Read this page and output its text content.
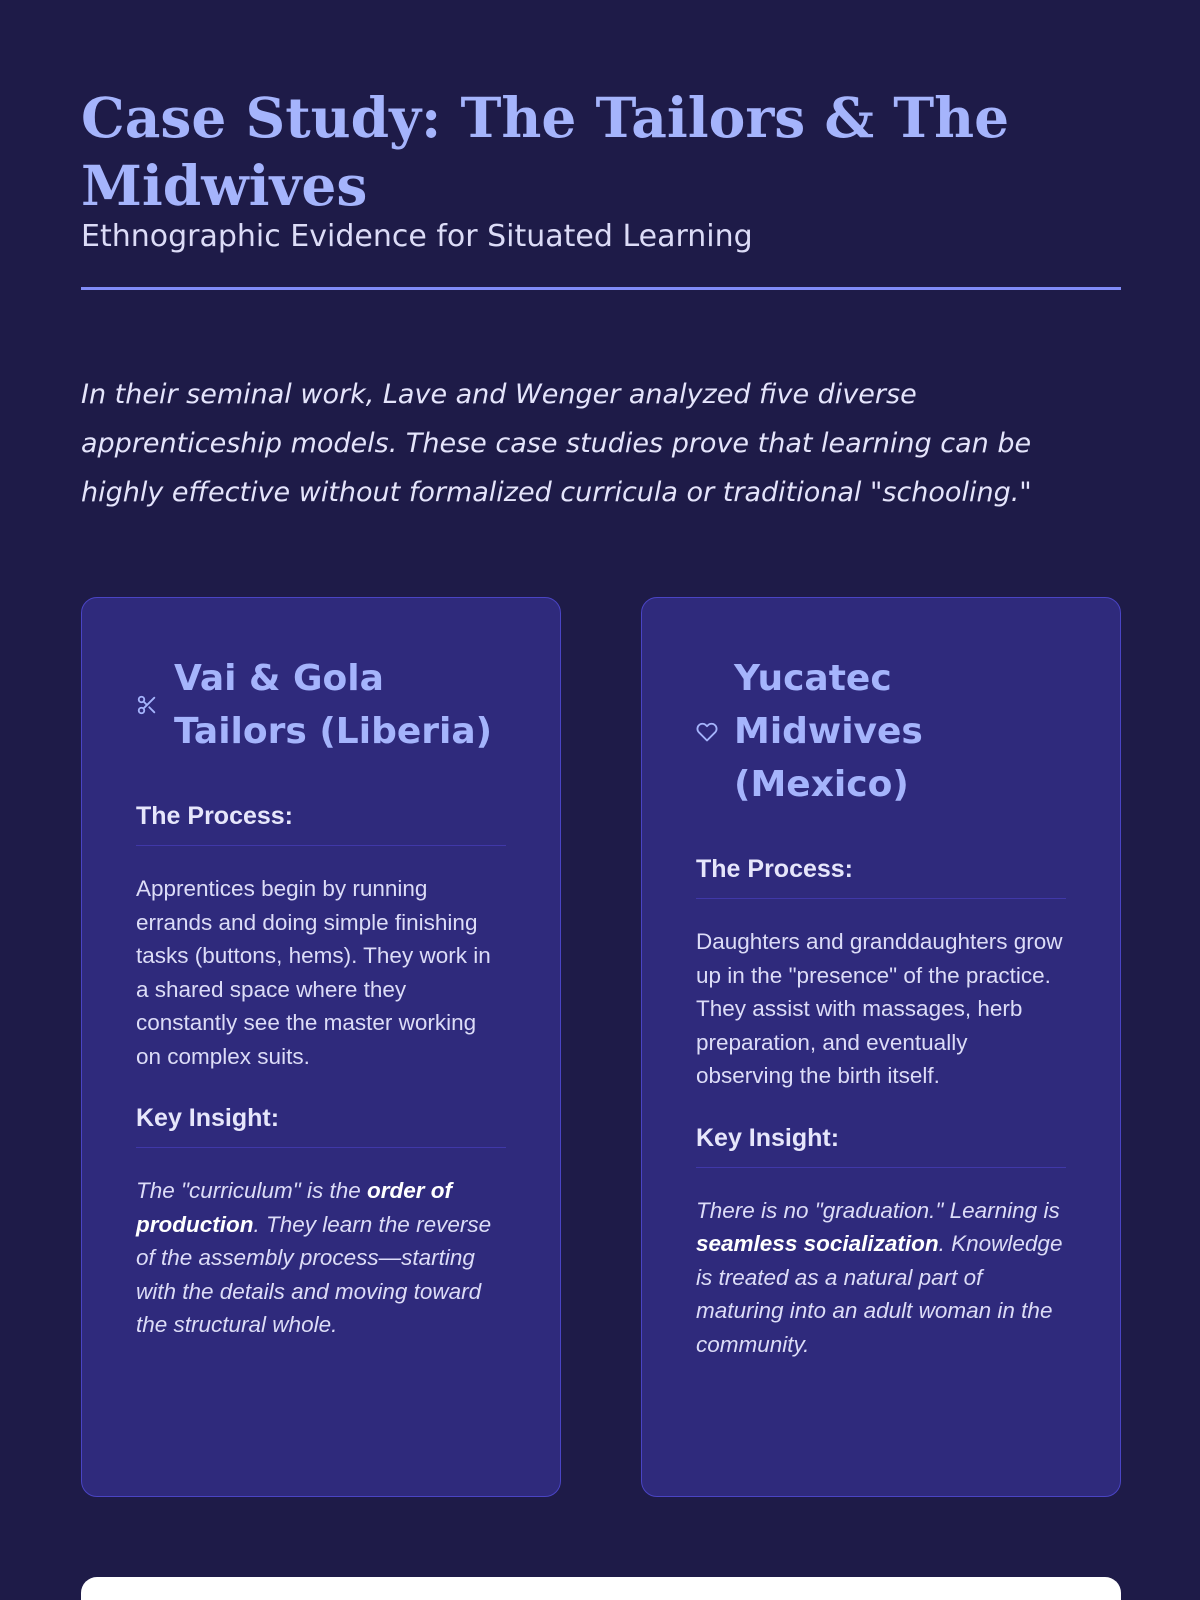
Case Study: The Tailors & The Midwives
Ethnographic Evidence for Situated Learning

In their seminal work, Lave and Wenger analyzed five diverse apprenticeship models. These case studies prove that learning can be highly effective without formalized curricula or traditional "schooling."

Vai & Gola Tailors (Liberia)
The Process:
Apprentices begin by running errands and doing simple finishing tasks (buttons, hems). They work in a shared space where they constantly see the master working on complex suits.
Key Insight:
The "curriculum" is the order of production. They learn the reverse of the assembly process—starting with the details and moving toward the structural whole.
Yucatec Midwives (Mexico)
The Process:
Daughters and granddaughters grow up in the "presence" of the practice. They assist with massages, herb preparation, and eventually observing the birth itself.
Key Insight:
There is no "graduation." Learning is seamless socialization. Knowledge is treated as a natural part of maturing into an adult woman in the community.
